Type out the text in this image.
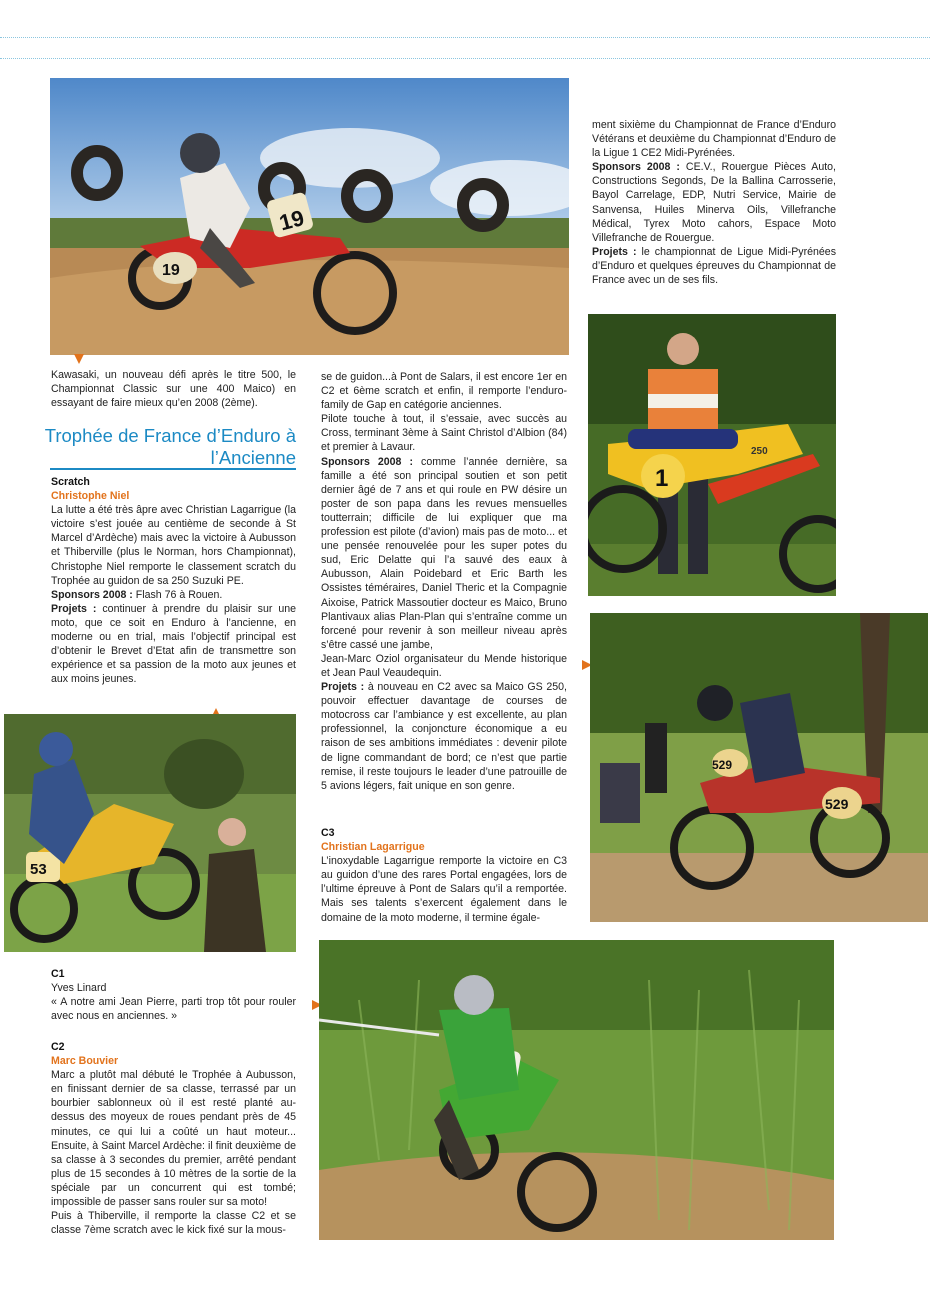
19
19

Kawasaki, un nouveau défi après le titre 500, le Championnat Classic sur une 400 Maico) en essayant de faire mieux qu’en 2008 (2ème).

Trophée de France d’Enduro à
l’Ancienne

Scratch

Christophe Niel

La lutte a été très âpre avec Christian Lagarrigue (la victoire s’est jouée au centième de seconde à St Marcel d’Ardèche) mais avec la victoire à Aubusson et Thiberville (plus le Norman, hors Championnat), Christophe Niel remporte le classement scratch du Trophée au guidon de sa 250 Suzuki PE.

Sponsors 2008 : Flash 76 à Rouen.

Projets : continuer à prendre du plaisir sur une moto, que ce soit en Enduro à l’ancienne, en moderne ou en trial, mais l’objectif principal est d’obtenir le Brevet d’Etat afin de transmettre son expérience et sa passion de la moto aux jeunes et aux moins jeunes.

53

C1

Yves Linard

« A notre ami Jean Pierre, parti trop tôt pour rouler avec nous en anciennes. »

C2

Marc Bouvier

Marc a plutôt mal débuté le Trophée à Aubusson, en finissant dernier de sa classe, terrassé par un bourbier sablonneux où il est resté planté au-dessus des moyeux de roues pendant près de 45 minutes, ce qui lui a coûté un haut moteur... Ensuite, à Saint Marcel Ardèche: il finit deuxième de sa classe à 3 secondes du premier, arrêté pendant plus de 15 secondes à 10 mètres de la sortie de la spéciale par un concurrent qui est tombé; impossible de passer sans rouler sur sa moto!

Puis à Thiberville, il remporte la classe C2 et se classe 7ème scratch avec le kick fixé sur la mous-

se de guidon...à Pont de Salars, il est encore 1er en C2 et 6ème scratch et enfin, il remporte l’enduro-family de Gap en catégorie anciennes.

Pilote touche à tout, il s’essaie, avec succès au Cross, terminant 3ème à Saint Christol d’Albion (84) et premier à Lavaur.

Sponsors 2008 : comme l’année dernière, sa famille a été son principal soutien et son petit dernier âgé de 7 ans et qui roule en PW désire un poster de son papa dans les revues mensuelles toutterrain; difficile de lui expliquer que ma profession est pilote (d’avion) mais pas de moto... et une pensée renouvelée pour les super potes du sud, Eric Delatte qui l’a sauvé des eaux à Aubusson, Alain Poidebard et Eric Barth les Ossistes téméraires, Daniel Theric et la Compagnie Aixoise, Patrick Massoutier docteur es Maico, Bruno Plantivaux alias Plan-Plan qui s’entraîne comme un forcené pour revenir à son meilleur niveau après s’être cassé une jambe,

Jean-Marc Oziol organisateur du Mende historique et Jean Paul Veaudequin.

Projets : à nouveau en C2 avec sa Maico GS 250, pouvoir effectuer davantage de courses de motocross car l’ambiance y est excellente, au plan professionnel, la conjoncture économique a eu raison de ses ambitions immédiates : devenir pilote de ligne commandant de bord; ce n’est que partie remise, il reste toujours le leader d’une patrouille de 5 avions légers, fait unique en son genre.

C3

Christian Lagarrigue

L’inoxydable Lagarrigue remporte la victoire en C3 au guidon d’une des rares Portal engagées, lors de l’ultime épreuve à Pont de Salars qu’il a remportée. Mais ses talents s’exercent également dans le domaine de la moto moderne, il termine égale-

ment sixième du Championnat de France d’Enduro Vétérans et deuxième du Championnat d’Enduro de la Ligue 1 CE2 Midi-Pyrénées.

Sponsors 2008 : CE.V., Rouergue Pièces Auto, Constructions Segonds, De la Ballina Carrosserie, Bayol Carrelage, EDP, Nutri Service, Mairie de Sanvensa, Huiles Minerva Oils, Villefranche Médical, Tyrex Moto cahors, Espace Moto Villefranche de Rouergue.

Projets : le championnat de Ligue Midi-Pyrénées d’Enduro et quelques épreuves du Championnat de France avec un de ses fils.

250
1
529
529
